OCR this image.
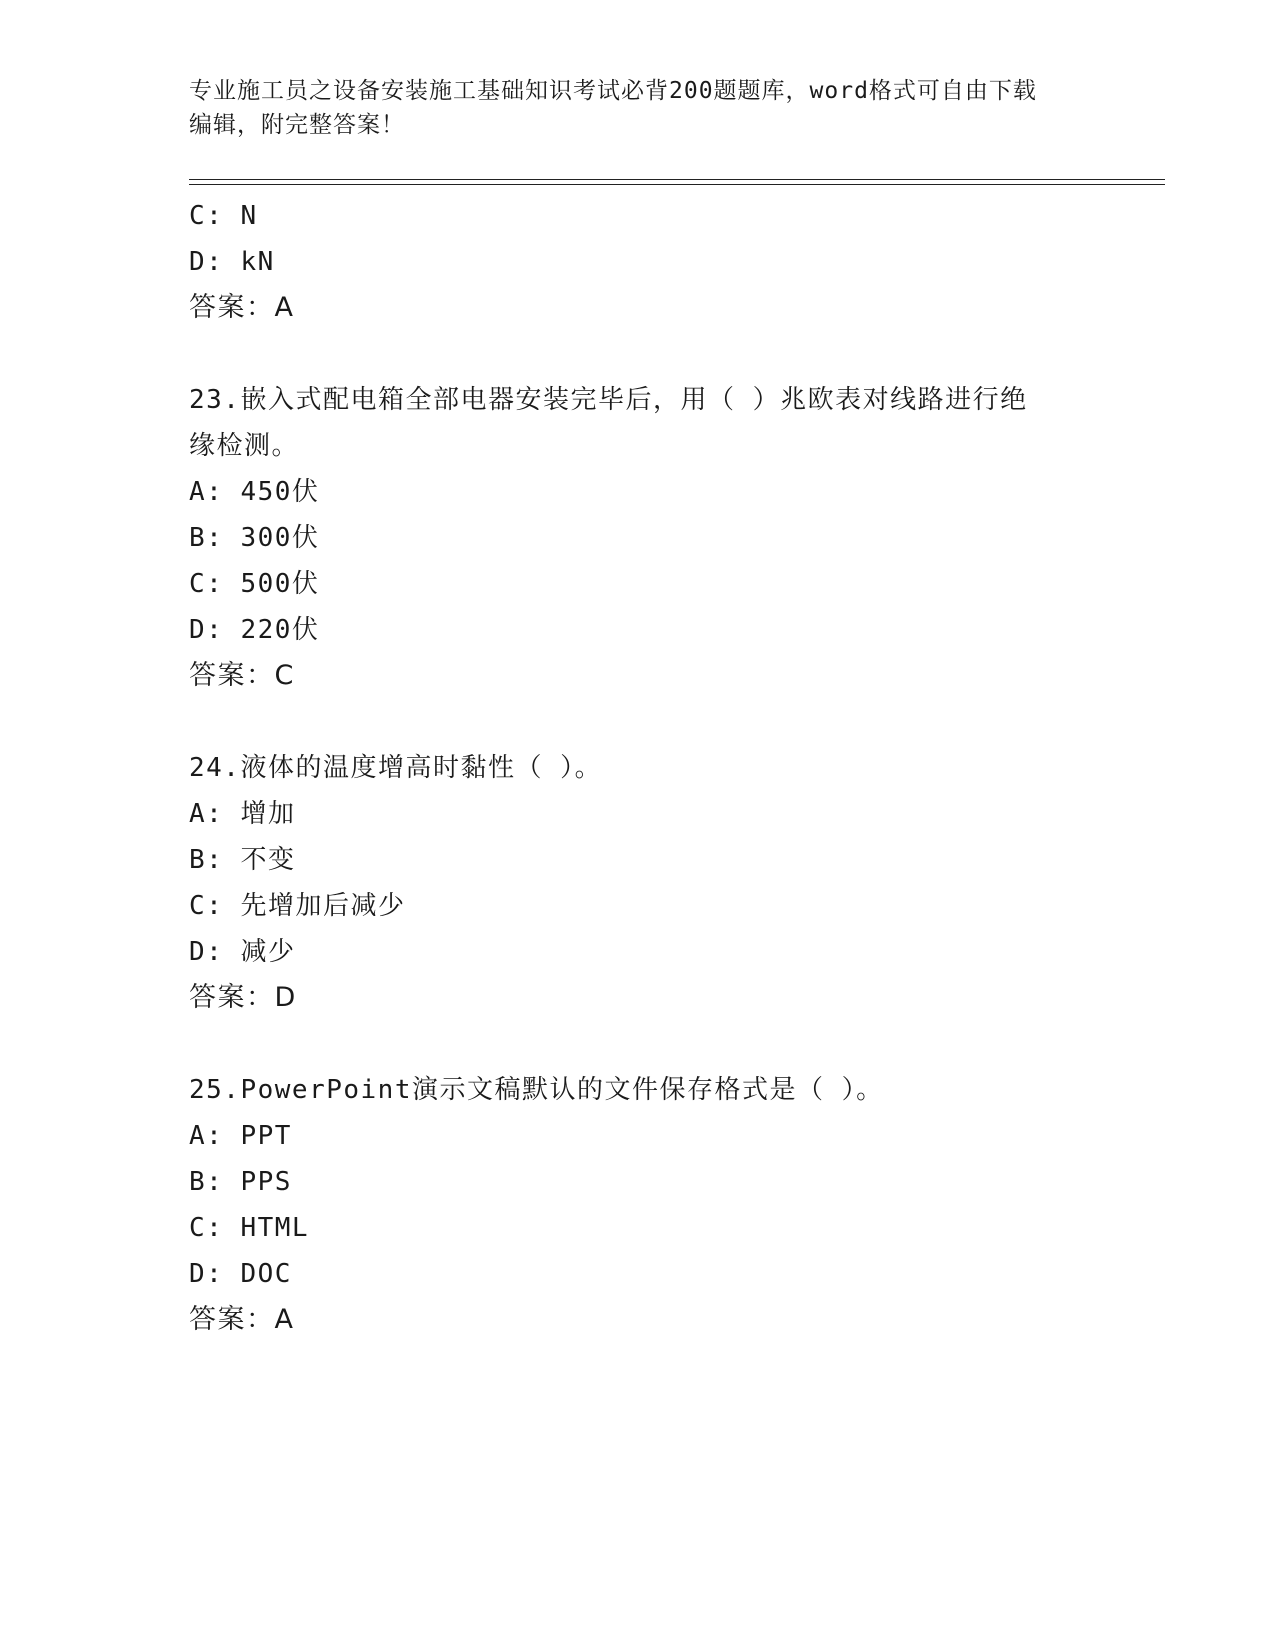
专业施工员之设备安装施工基础知识考试必背200题题库，word格式可自由下载
编辑，附完整答案！
C: N
D: kN
答案：A
23.嵌入式配电箱全部电器安装完毕后，用（ ）兆欧表对线路进行绝
缘检测。
A: 450伏
B: 300伏
C: 500伏
D: 220伏
答案：C
24.液体的温度增高时黏性（ ）。
A: 增加
B: 不变
C: 先增加后减少
D: 减少
答案：D
25.PowerPoint演示文稿默认的文件保存格式是（ ）。
A: PPT
B: PPS
C: HTML
D: DOC
答案：A
